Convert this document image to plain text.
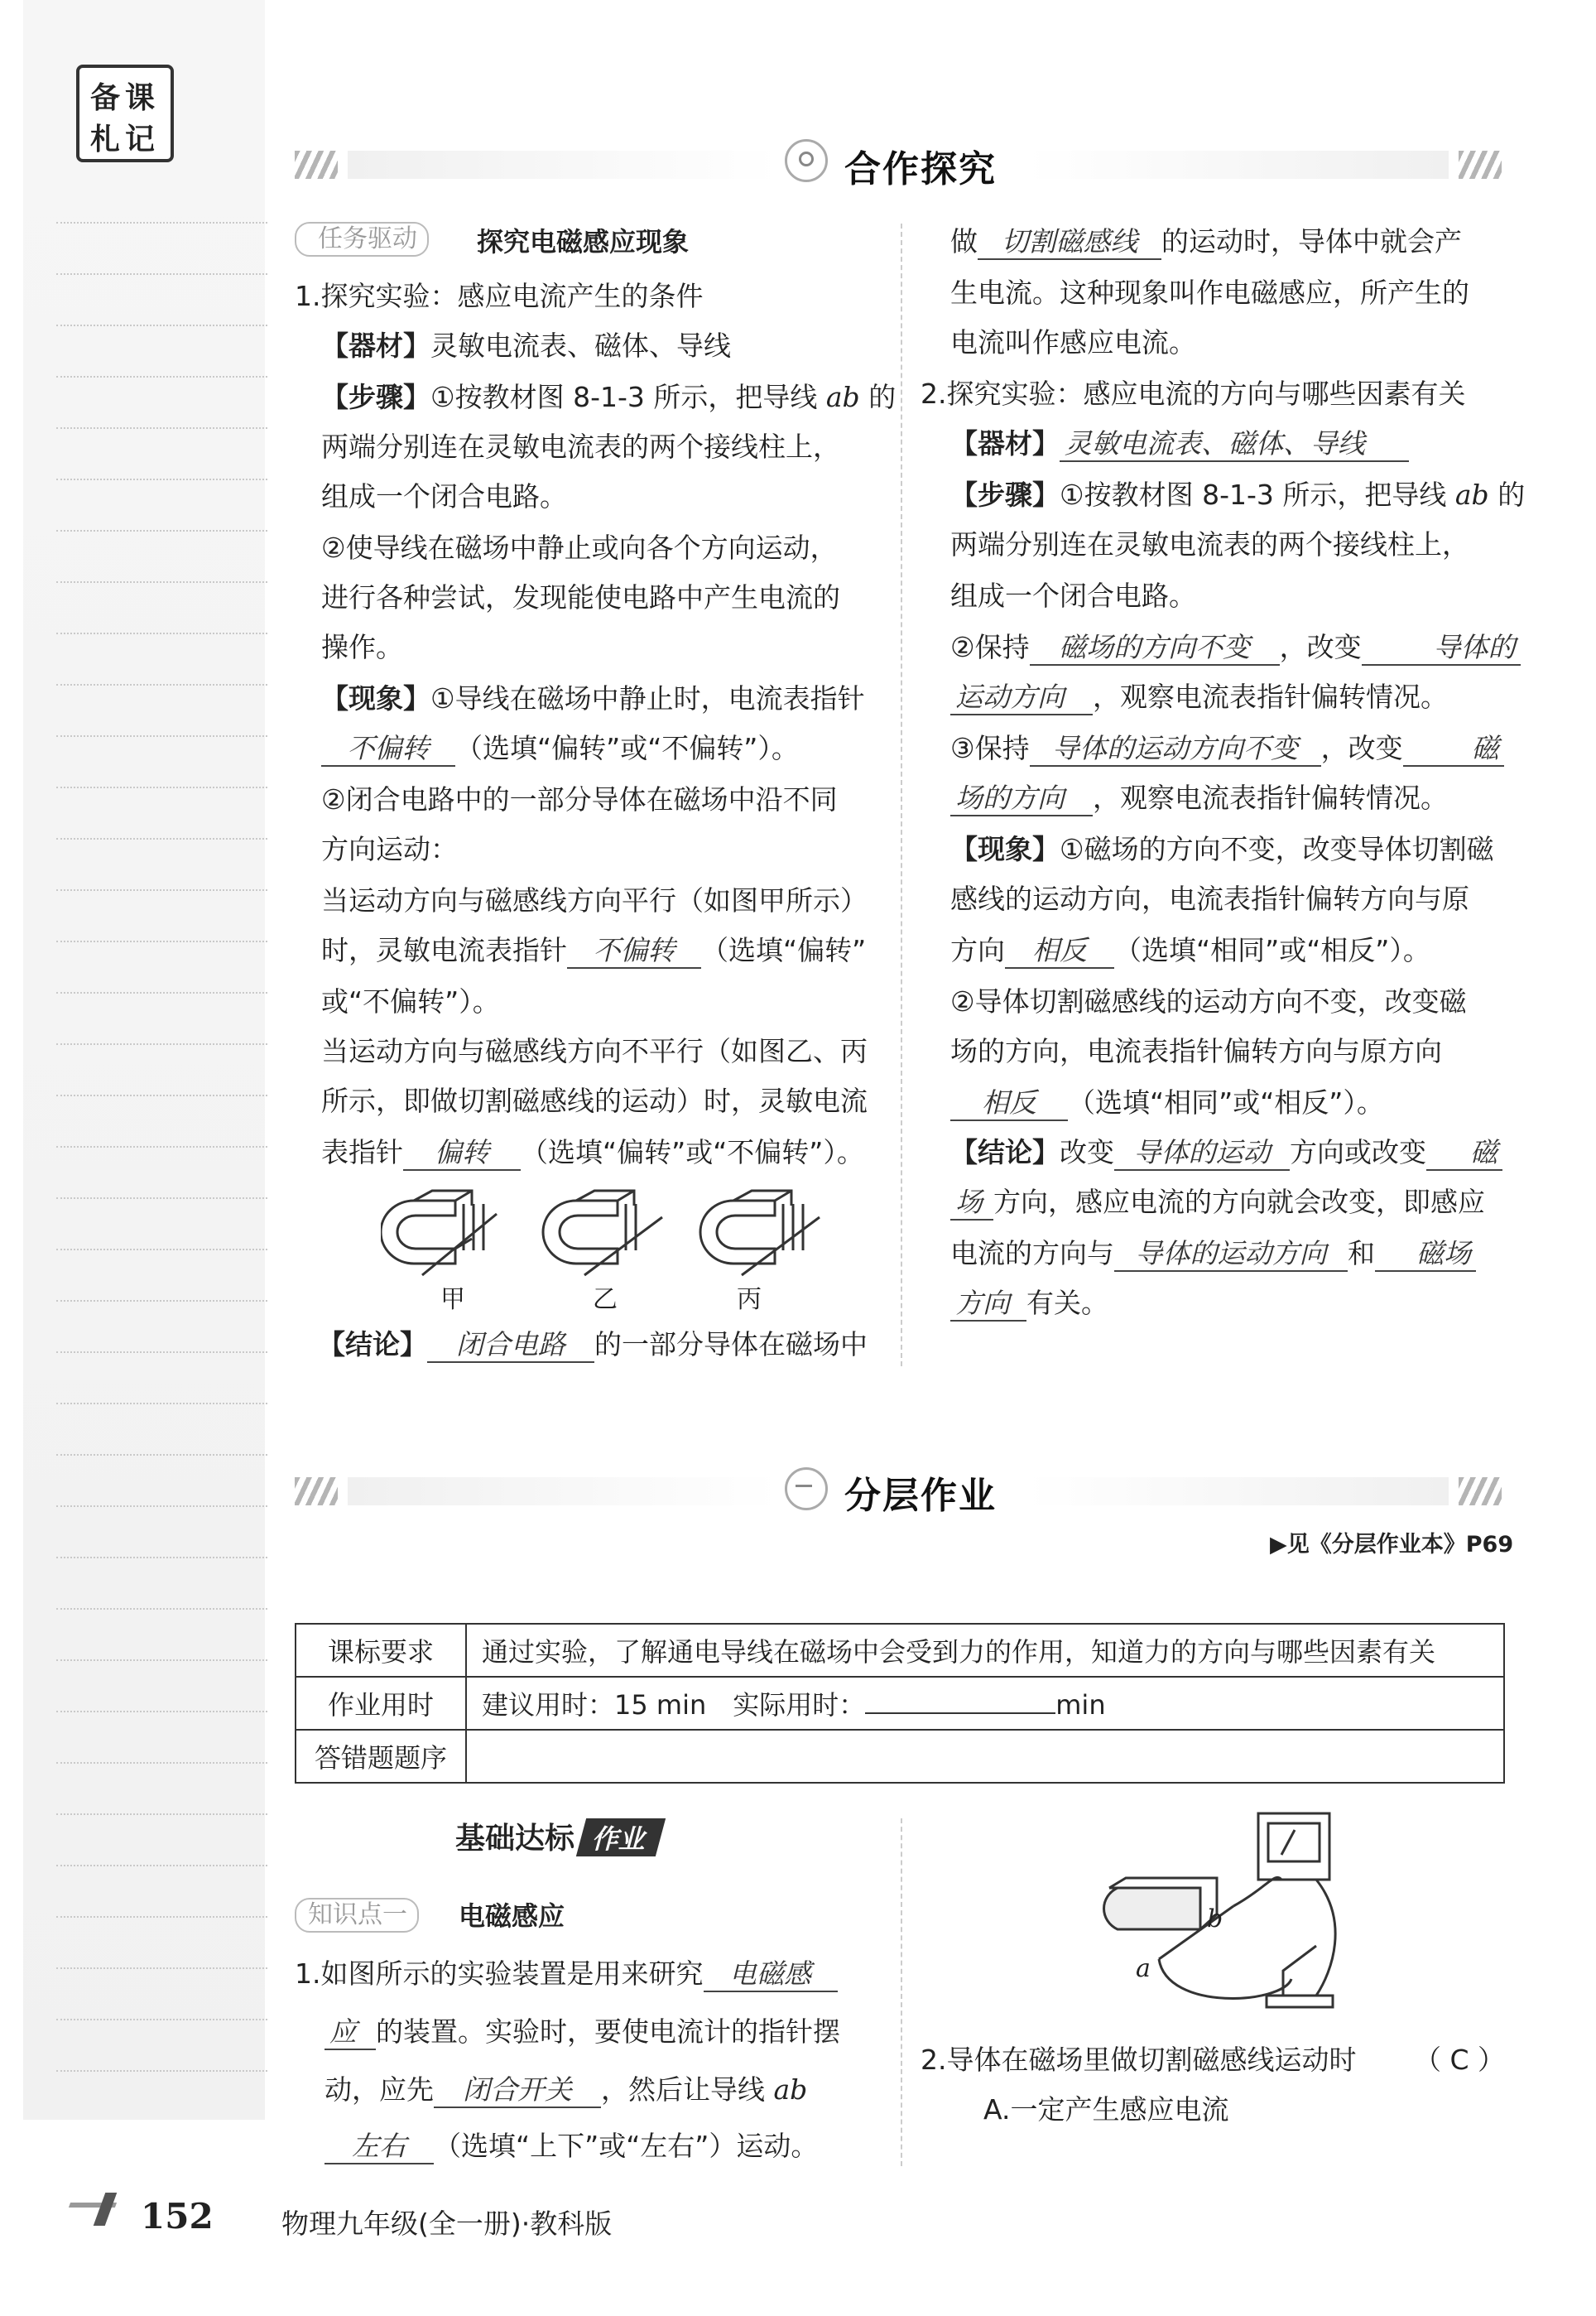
备课
札记
合作探究
任务驱动	探究电磁感应现象
1.探究实验：感应电流产生的条件
【器材】灵敏电流表、磁体、导线
【步骤】①按教材图 8-1-3 所示，把导线 ab 的
两端分别连在灵敏电流表的两个接线柱上，
组成一个闭合电路。
②使导线在磁场中静止或向各个方向运动，
进行各种尝试，发现能使电路中产生电流的
操作。
【现象】①导线在磁场中静止时，电流表指针
不偏转 （选填“偏转”或“不偏转”）。
②闭合电路中的一部分导体在磁场中沿不同
方向运动：
当运动方向与磁感线方向平行（如图甲所示）
时，灵敏电流表指针 不偏转 （选填“偏转”
或“不偏转”）。
当运动方向与磁感线方向不平行（如图乙、丙
所示，即做切割磁感线的运动）时，灵敏电流
表指针 偏转 （选填“偏转”或“不偏转”）。
甲	乙	丙
【结论】 闭合电路 的一部分导体在磁场中
做 切割磁感线 的运动时，导体中就会产
生电流。这种现象叫作电磁感应，所产生的
电流叫作感应电流。
2.探究实验：感应电流的方向与哪些因素有关
【器材】 灵敏电流表、磁体、导线
【步骤】①按教材图 8-1-3 所示，把导线 ab 的
两端分别连在灵敏电流表的两个接线柱上，
组成一个闭合电路。
②保持 磁场的方向不变 ，改变	导体的
运动方向 ，观察电流表指针偏转情况。
③保持 导体的运动方向不变 ，改变	磁
场的方向 ，观察电流表指针偏转情况。
【现象】①磁场的方向不变，改变导体切割磁
感线的运动方向，电流表指针偏转方向与原
方向 相反 （选填“相同”或“相反”）。
②导体切割磁感线的运动方向不变，改变磁
场的方向，电流表指针偏转方向与原方向
相反 （选填“相同”或“相反”）。
【结论】改变 导体的运动 方向或改变 磁
场 方向，感应电流的方向就会改变，即感应
电流的方向与 导体的运动方向 和 磁场
方向 有关。
分层作业
▶见《分层作业本》P69
课标要求	通过实验，了解通电导线在磁场中会受到力的作用，知道力的方向与哪些因素有关
作业用时	建议用时：15 min　实际用时： min
答错题题序	
基础达标 作业
知识点一	电磁感应
1.如图所示的实验装置是用来研究 电磁感
应 的装置。实验时，要使电流计的指针摆
动，应先 闭合开关 ，然后让导线 ab
左右 （选填“上下”或“左右”）运动。
b
a
2.导体在磁场里做切割磁感线运动时 （ C ）
A.一定产生感应电流
152 物理九年级(全一册)·教科版
